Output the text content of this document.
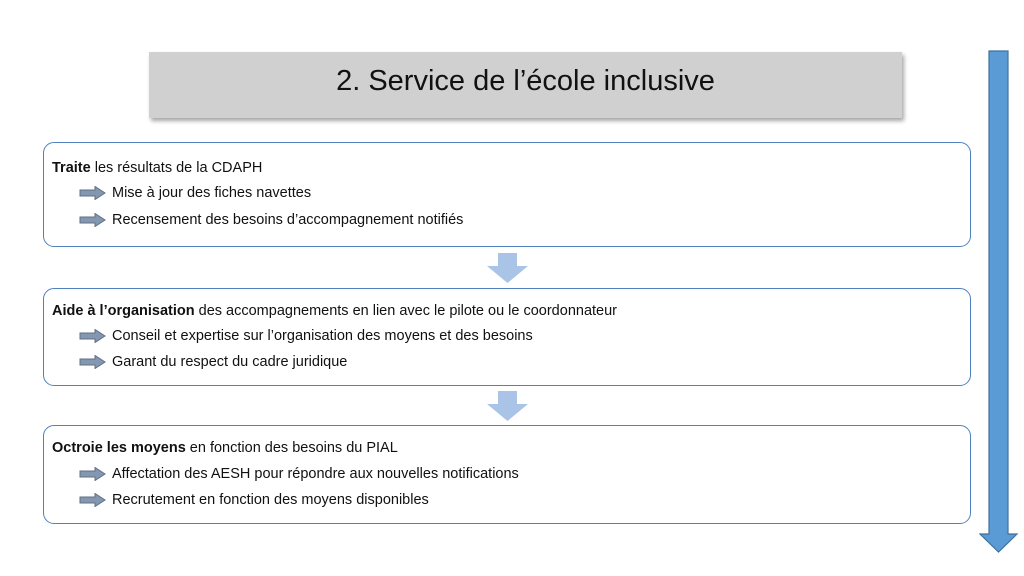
2. Service de l’école inclusive
Traite les résultats de la CDAPH
Mise à jour des fiches navettes
Recensement des besoins d’accompagnement notifiés
Aide à l’organisation des accompagnements en lien avec le pilote ou le coordonnateur
Conseil et expertise sur l’organisation des moyens et des besoins
Garant du respect du cadre juridique
Octroie les moyens en fonction des besoins du PIAL
Affectation des AESH pour répondre aux nouvelles notifications
Recrutement en fonction des moyens disponibles
